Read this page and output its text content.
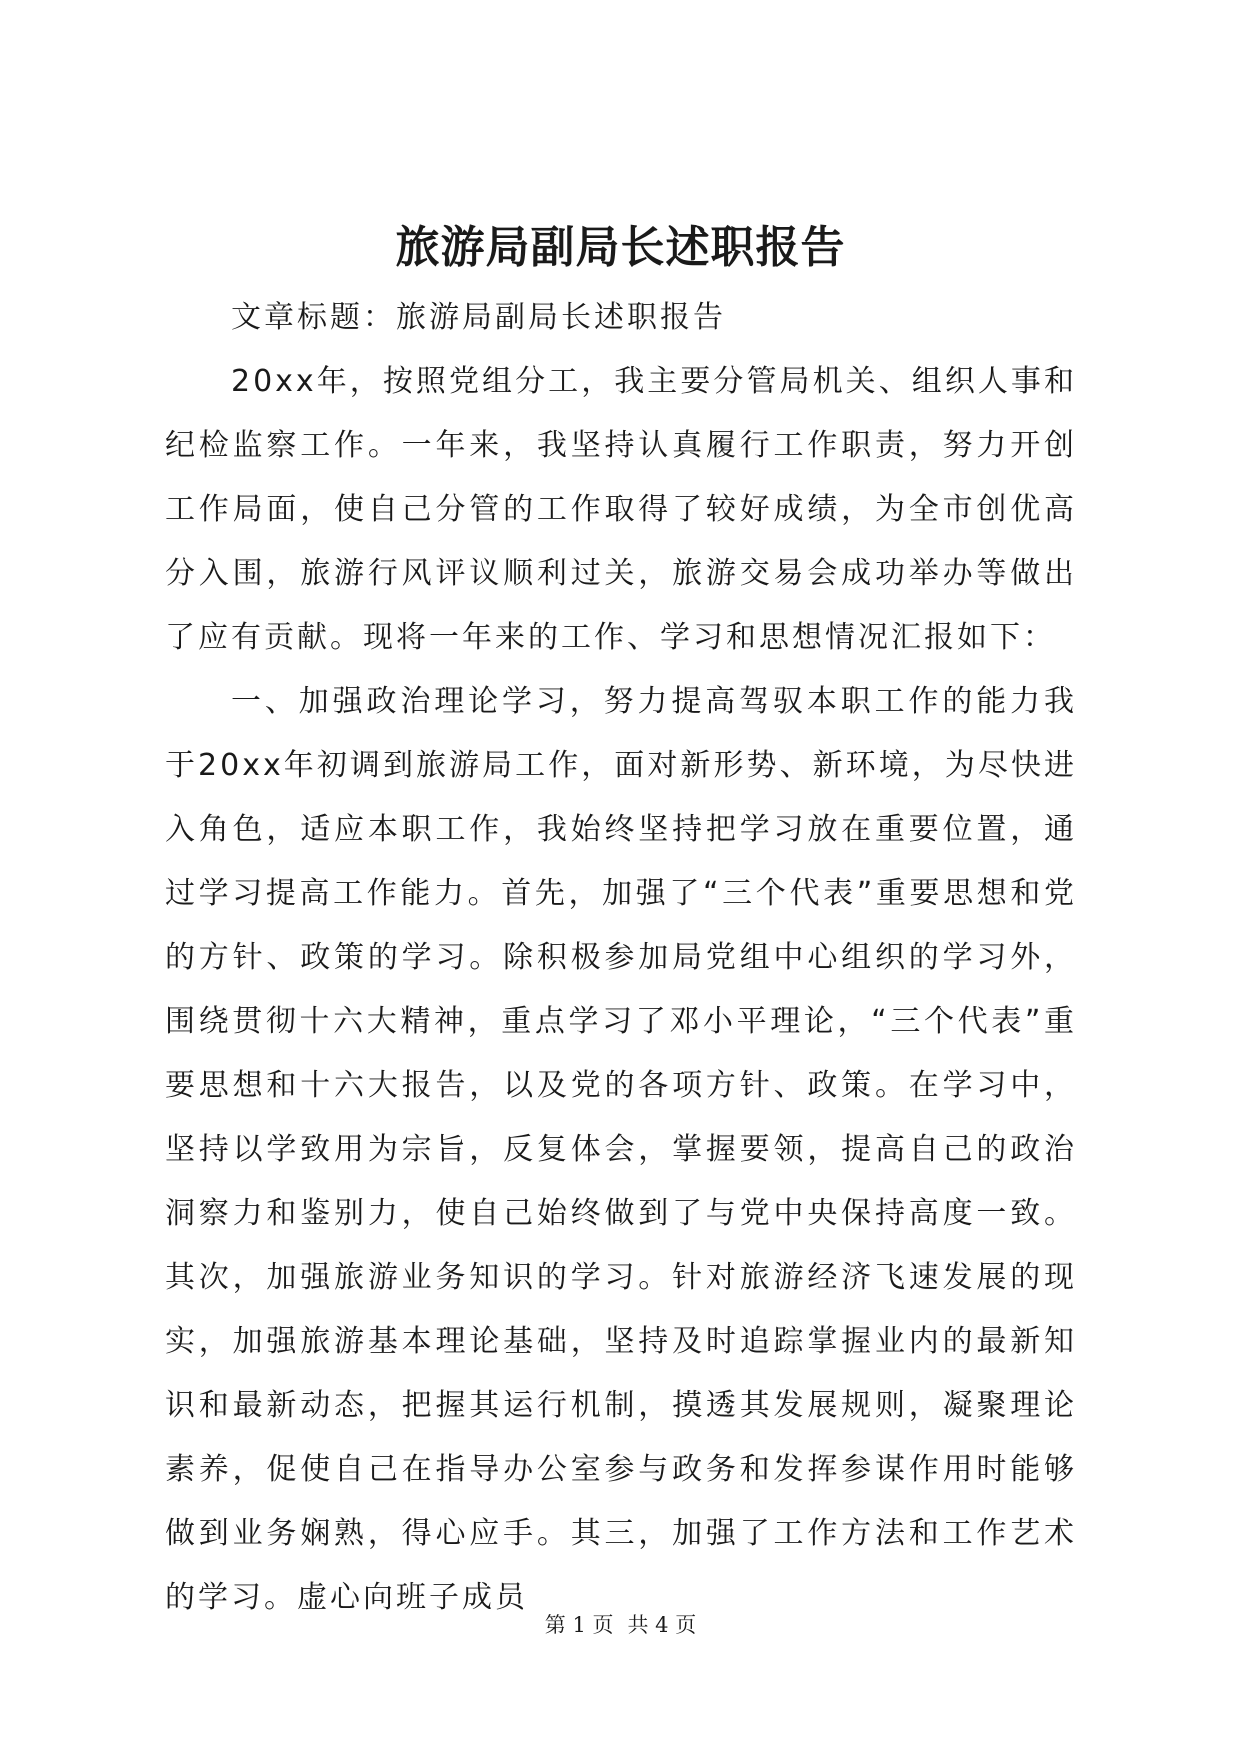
旅游局副局长述职报告

文章标题：旅游局副局长述职报告

20xx年，按照党组分工，我主要分管局机关、组织人事和纪检监察工作。一年来，我坚持认真履行工作职责，努力开创工作局面，使自己分管的工作取得了较好成绩，为全市创优高分入围，旅游行风评议顺利过关，旅游交易会成功举办等做出了应有贡献。现将一年来的工作、学习和思想情况汇报如下：

一、加强政治理论学习，努力提高驾驭本职工作的能力我于20xx年初调到旅游局工作，面对新形势、新环境，为尽快进入角色，适应本职工作，我始终坚持把学习放在重要位置，通过学习提高工作能力。首先，加强了“三个代表”重要思想和党的方针、政策的学习。除积极参加局党组中心组织的学习外，围绕贯彻十六大精神，重点学习了邓小平理论，“三个代表”重要思想和十六大报告，以及党的各项方针、政策。在学习中，坚持以学致用为宗旨，反复体会，掌握要领，提高自己的政治洞察力和鉴别力，使自己始终做到了与党中央保持高度一致。其次，加强旅游业务知识的学习。针对旅游经济飞速发展的现实，加强旅游基本理论基础，坚持及时追踪掌握业内的最新知识和最新动态，把握其运行机制，摸透其发展规则，凝聚理论素养，促使自己在指导办公室参与政务和发挥参谋作用时能够做到业务娴熟，得心应手。其三，加强了工作方法和工作艺术的学习。虚心向班子成员

第 1 页 共 4 页
